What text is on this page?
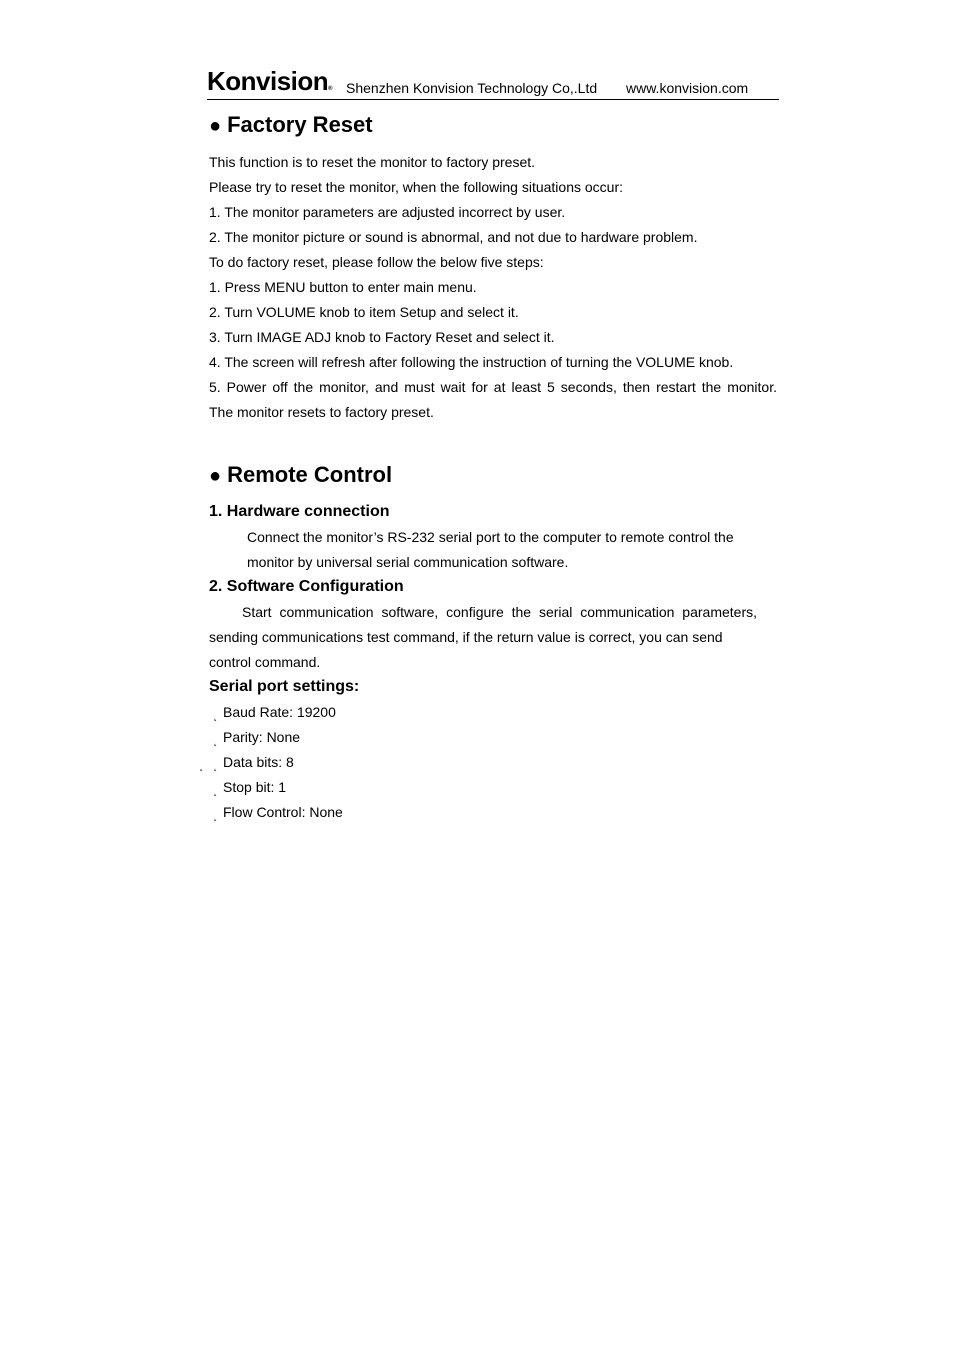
Konvision® Shenzhen Konvision Technology Co,.Ltd www.konvision.com
● Factory Reset
This function is to reset the monitor to factory preset.
Please try to reset the monitor, when the following situations occur:
1. The monitor parameters are adjusted incorrect by user.
2. The monitor picture or sound is abnormal, and not due to hardware problem.
To do factory reset, please follow the below five steps:
1. Press MENU button to enter main menu.
2. Turn VOLUME knob to item Setup and select it.
3. Turn IMAGE ADJ knob to Factory Reset and select it.
4. The screen will refresh after following the instruction of turning the VOLUME knob.
5. Power off the monitor, and must wait for at least 5 seconds, then restart the monitor.
The monitor resets to factory preset.
● Remote Control
1. Hardware connection
Connect the monitor’s RS-232 serial port to the computer to remote control the
monitor by universal serial communication software.
2. Software Configuration
Start communication software, configure the serial communication parameters,
sending communications test command, if the return value is correct, you can send
control command.
Serial port settings:
˛ Baud Rate: 19200
˛ Parity: None
˛ ˛ Data bits: 8
˛ Stop bit: 1
˛ Flow Control: None
